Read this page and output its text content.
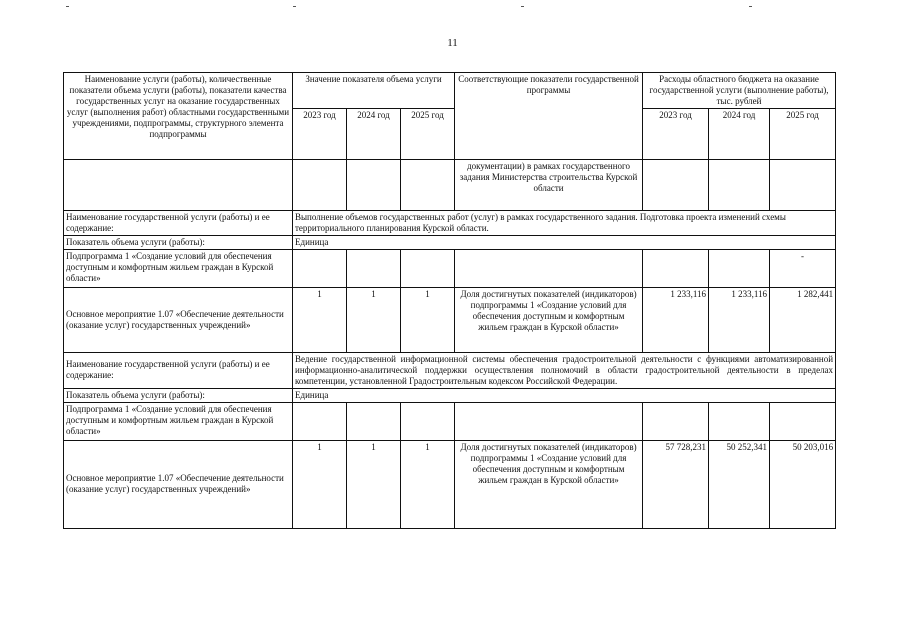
11
Наименование услуги (работы), количественные показатели объема услуги (работы), показатели качества государственных услуг на оказание государственных услуг (выполнения работ) областными государственными учреждениями, подпрограммы, структурного элемента подпрограммы	Значение показателя объема услуги			Соответствующие показатели государственной программы	Расходы областного бюджета на оказание государственной услуги (выполнение работы), тыс. рублей		
	2023 год	2024 год	2025 год		2023 год	2024 год	2025 год
				документации) в рамках государственного задания Министерства строительства Курской области			
Наименование государственной услуги (работы) и ее содержание:	Выполнение объемов государственных работ (услуг) в рамках государственного задания. Подготовка проекта изменений схемы территориального планирования Курской области.						
Показатель объема услуги (работы):	Единица						
Подпрограмма 1 «Создание условий для обеспечения доступным и комфортным жильем граждан в Курской области»							-
Основное мероприятие 1.07 «Обеспечение деятельности (оказание услуг) государственных учреждений»	1	1	1	Доля достигнутых показателей (индикаторов) подпрограммы 1 «Создание условий для обеспечения доступным и комфортным жильем граждан в Курской области»	1 233,116	1 233,116	1 282,441
Наименование государственной услуги (работы) и ее содержание:	Ведение государственной информационной системы обеспечения градостроительной деятельности с функциями автоматизированной информационно-аналитической поддержки осуществления полномочий в области градостроительной деятельности в пределах компетенции, установленной Градостроительным кодексом Российской Федерации.						
Показатель объема услуги (работы):	Единица						
Подпрограмма 1 «Создание условий для обеспечения доступным и комфортным жильем граждан в Курской области»							
Основное мероприятие 1.07 «Обеспечение деятельности (оказание услуг) государственных учреждений»	1	1	1	Доля достигнутых показателей (индикаторов) подпрограммы 1 «Создание условий для обеспечения доступным и комфортным жильем граждан в Курской области»	57 728,231	50 252,341	50 203,016
